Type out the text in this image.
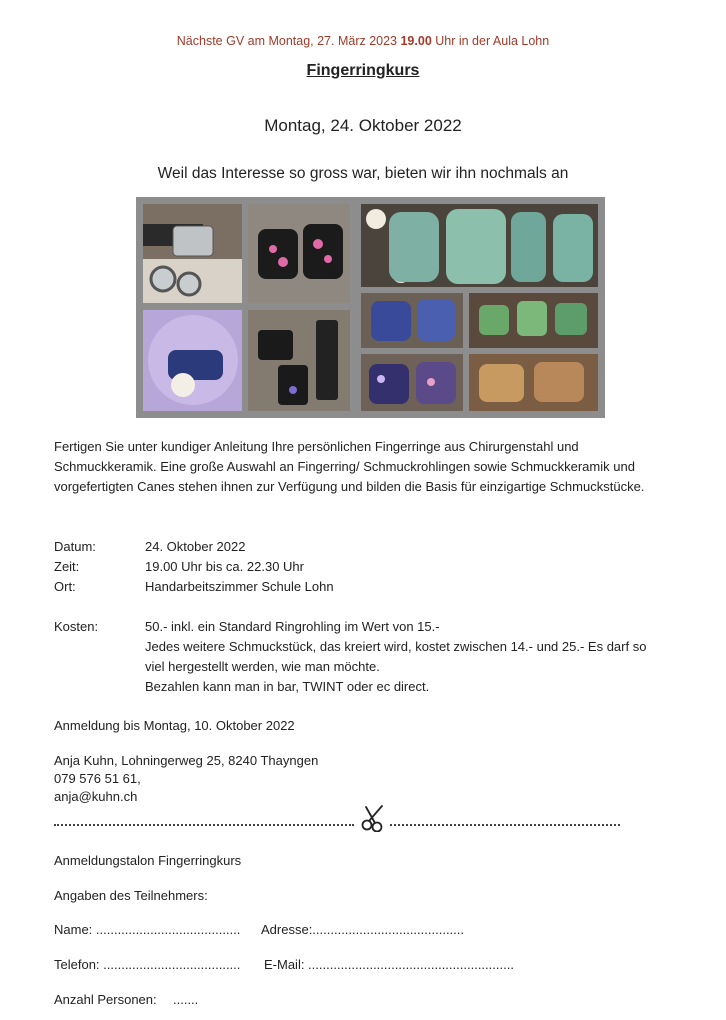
Nächste GV am Montag, 27. März 2023 19.00 Uhr in der Aula Lohn
Fingerringkurs
Montag, 24. Oktober 2022
Weil das Interesse so gross war, bieten wir ihn nochmals an
Fertigen Sie unter kundiger Anleitung Ihre persönlichen Fingerringe aus Chirurgenstahl und Schmuckkeramik. Eine große Auswahl an Fingerring/ Schmuckrohlingen sowie Schmuckkeramik und vorgefertigten Canes stehen ihnen zur Verfügung und bilden die Basis für einzigartige Schmuckstücke.
Datum:	24. Oktober 2022
Zeit:	19.00 Uhr bis ca. 22.30 Uhr
Ort:	Handarbeitszimmer Schule Lohn
Kosten:	50.- inkl. ein Standard Ringrohling im Wert von 15.-
Jedes weitere Schmuckstück, das kreiert wird, kostet zwischen 14.- und 25.- Es darf so
viel hergestellt werden, wie man möchte.
Bezahlen kann man in bar, TWINT oder ec direct.
Anmeldung bis Montag, 10. Oktober 2022
Anja Kuhn, Lohningerweg 25, 8240 Thayngen
079 576 51 61,
anja@kuhn.ch
Anmeldungstalon Fingerringkurs
Angaben des Teilnehmers:
Name: ........................................ Adresse:..........................................
Telefon: ...................................... E-Mail: .........................................................
Anzahl Personen: .......
